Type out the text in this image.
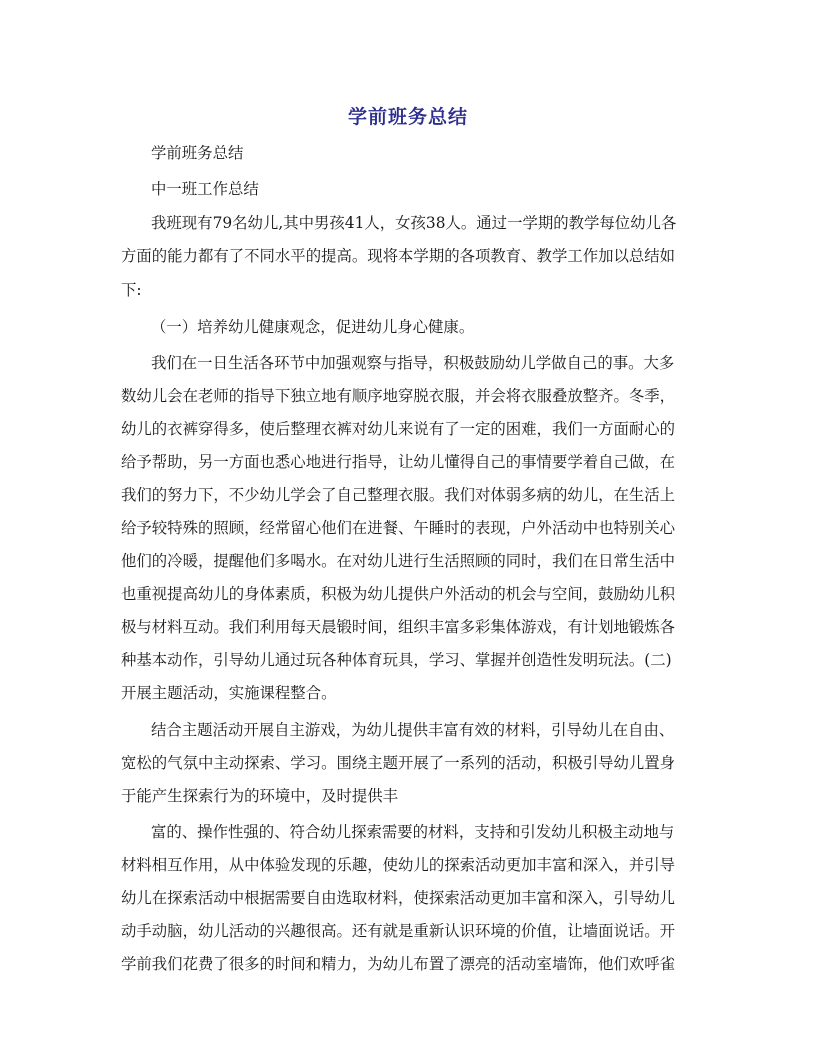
学前班务总结
学前班务总结
中一班工作总结
我班现有79名幼儿,其中男孩41人，女孩38人。通过一学期的教学每位幼儿各
方面的能力都有了不同水平的提高。现将本学期的各项教育、教学工作加以总结如
下:
（一）培养幼儿健康观念，促进幼儿身心健康。
我们在一日生活各环节中加强观察与指导，积极鼓励幼儿学做自己的事。大多
数幼儿会在老师的指导下独立地有顺序地穿脱衣服，并会将衣服叠放整齐。冬季，
幼儿的衣裤穿得多，使后整理衣裤对幼儿来说有了一定的困难，我们一方面耐心的
给予帮助，另一方面也悉心地进行指导，让幼儿懂得自己的事情要学着自己做，在
我们的努力下，不少幼儿学会了自己整理衣服。我们对体弱多病的幼儿，在生活上
给予较特殊的照顾，经常留心他们在进餐、午睡时的表现，户外活动中也特别关心
他们的冷暖，提醒他们多喝水。在对幼儿进行生活照顾的同时，我们在日常生活中
也重视提高幼儿的身体素质，积极为幼儿提供户外活动的机会与空间，鼓励幼儿积
极与材料互动。我们利用每天晨锻时间，组织丰富多彩集体游戏，有计划地锻炼各
种基本动作，引导幼儿通过玩各种体育玩具，学习、掌握并创造性发明玩法。(二)
开展主题活动，实施课程整合。
结合主题活动开展自主游戏，为幼儿提供丰富有效的材料，引导幼儿在自由、
宽松的气氛中主动探索、学习。围绕主题开展了一系列的活动，积极引导幼儿置身
于能产生探索行为的环境中，及时提供丰
富的、操作性强的、符合幼儿探索需要的材料，支持和引发幼儿积极主动地与
材料相互作用，从中体验发现的乐趣，使幼儿的探索活动更加丰富和深入，并引导
幼儿在探索活动中根据需要自由选取材料，使探索活动更加丰富和深入，引导幼儿
动手动脑，幼儿活动的兴趣很高。还有就是重新认识环境的价值，让墙面说话。开
学前我们花费了很多的时间和精力，为幼儿布置了漂亮的活动室墙饰，他们欢呼雀
